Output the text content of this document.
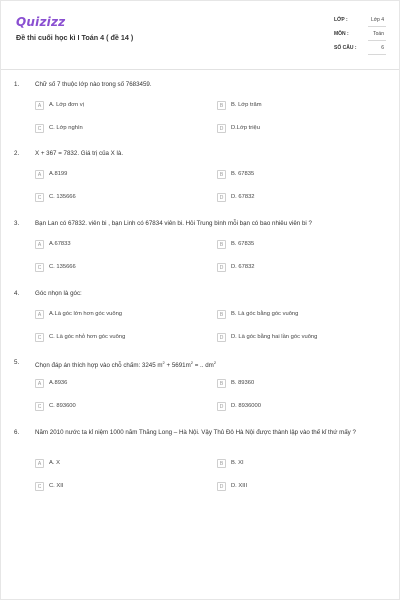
Quizizz
Đề thi cuối học kì I Toán 4 ( đề 14 )
LỚP :	Lớp 4
MÔN :	Toán
SỐ CÂU :	6
1.	Chữ số 7 thuộc lớp nào trong số 7683459.
A	A. Lớp đơn vị	B	B. Lớp trăm
C	C. Lớp nghìn	D	D.Lớp triệu
2.	X + 367 = 7832. Giá trị của X là.
A	A.8199	B	B. 67835
C	C. 135666	D	D. 67832
3.	Bạn Lan có 67832. viên bi , bạn Linh có 67834 viên bi. Hỏi Trung bình mỗi bạn có bao nhiêu viên bi ?
A	A.67833	B	B. 67835
C	C. 135666	D	D. 67832
4.	Góc nhọn là góc:
A	A.Là góc lớn hơn góc vuông	B	B. Là góc bằng góc vuông
C	C. Là góc nhỏ hơn góc vuông	D	D. Là góc bằng hai lần góc vuông
5.	Chọn đáp án thích hợp vào chỗ chấm: 3245 $m^2 + 5691m^2$ = .. $dm^2$
A	A.8936	B	B. 89360
C	C. 893600	D	D. 8936000
6.	Năm 2010 nước ta kỉ niệm 1000 năm Thăng Long – Hà Nội. Vậy Thủ Đô Hà Nội được thành lập vào thế kỉ thứ mấy ?
A	A. X	B	B. XI
C	C. XII	D	D. XIII
